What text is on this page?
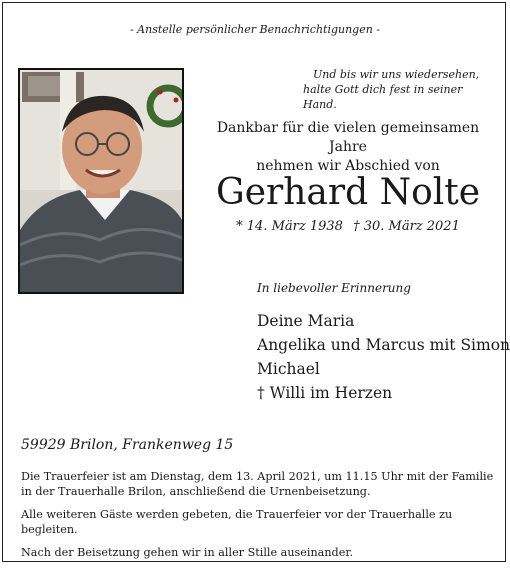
- Anstelle persönlicher Benachrichtigungen -
Und bis wir uns wiedersehen,
halte Gott dich fest in seiner Hand.
Dankbar für die vielen gemeinsamen Jahre
nehmen wir Abschied von
Gerhard Nolte
* 14. März 1938 † 30. März 2021
In liebevoller Erinnerung
Deine Maria
Angelika und Marcus mit Simon
Michael
† Willi im Herzen
59929 Brilon, Frankenweg 15

Die Trauerfeier ist am Dienstag, dem 13. April 2021, um 11.15 Uhr mit der Familie in der Trauerhalle Brilon, anschließend die Urnenbeisetzung.

Alle weiteren Gäste werden gebeten, die Trauerfeier vor der Trauerhalle zu begleiten.

Nach der Beisetzung gehen wir in aller Stille auseinander.
